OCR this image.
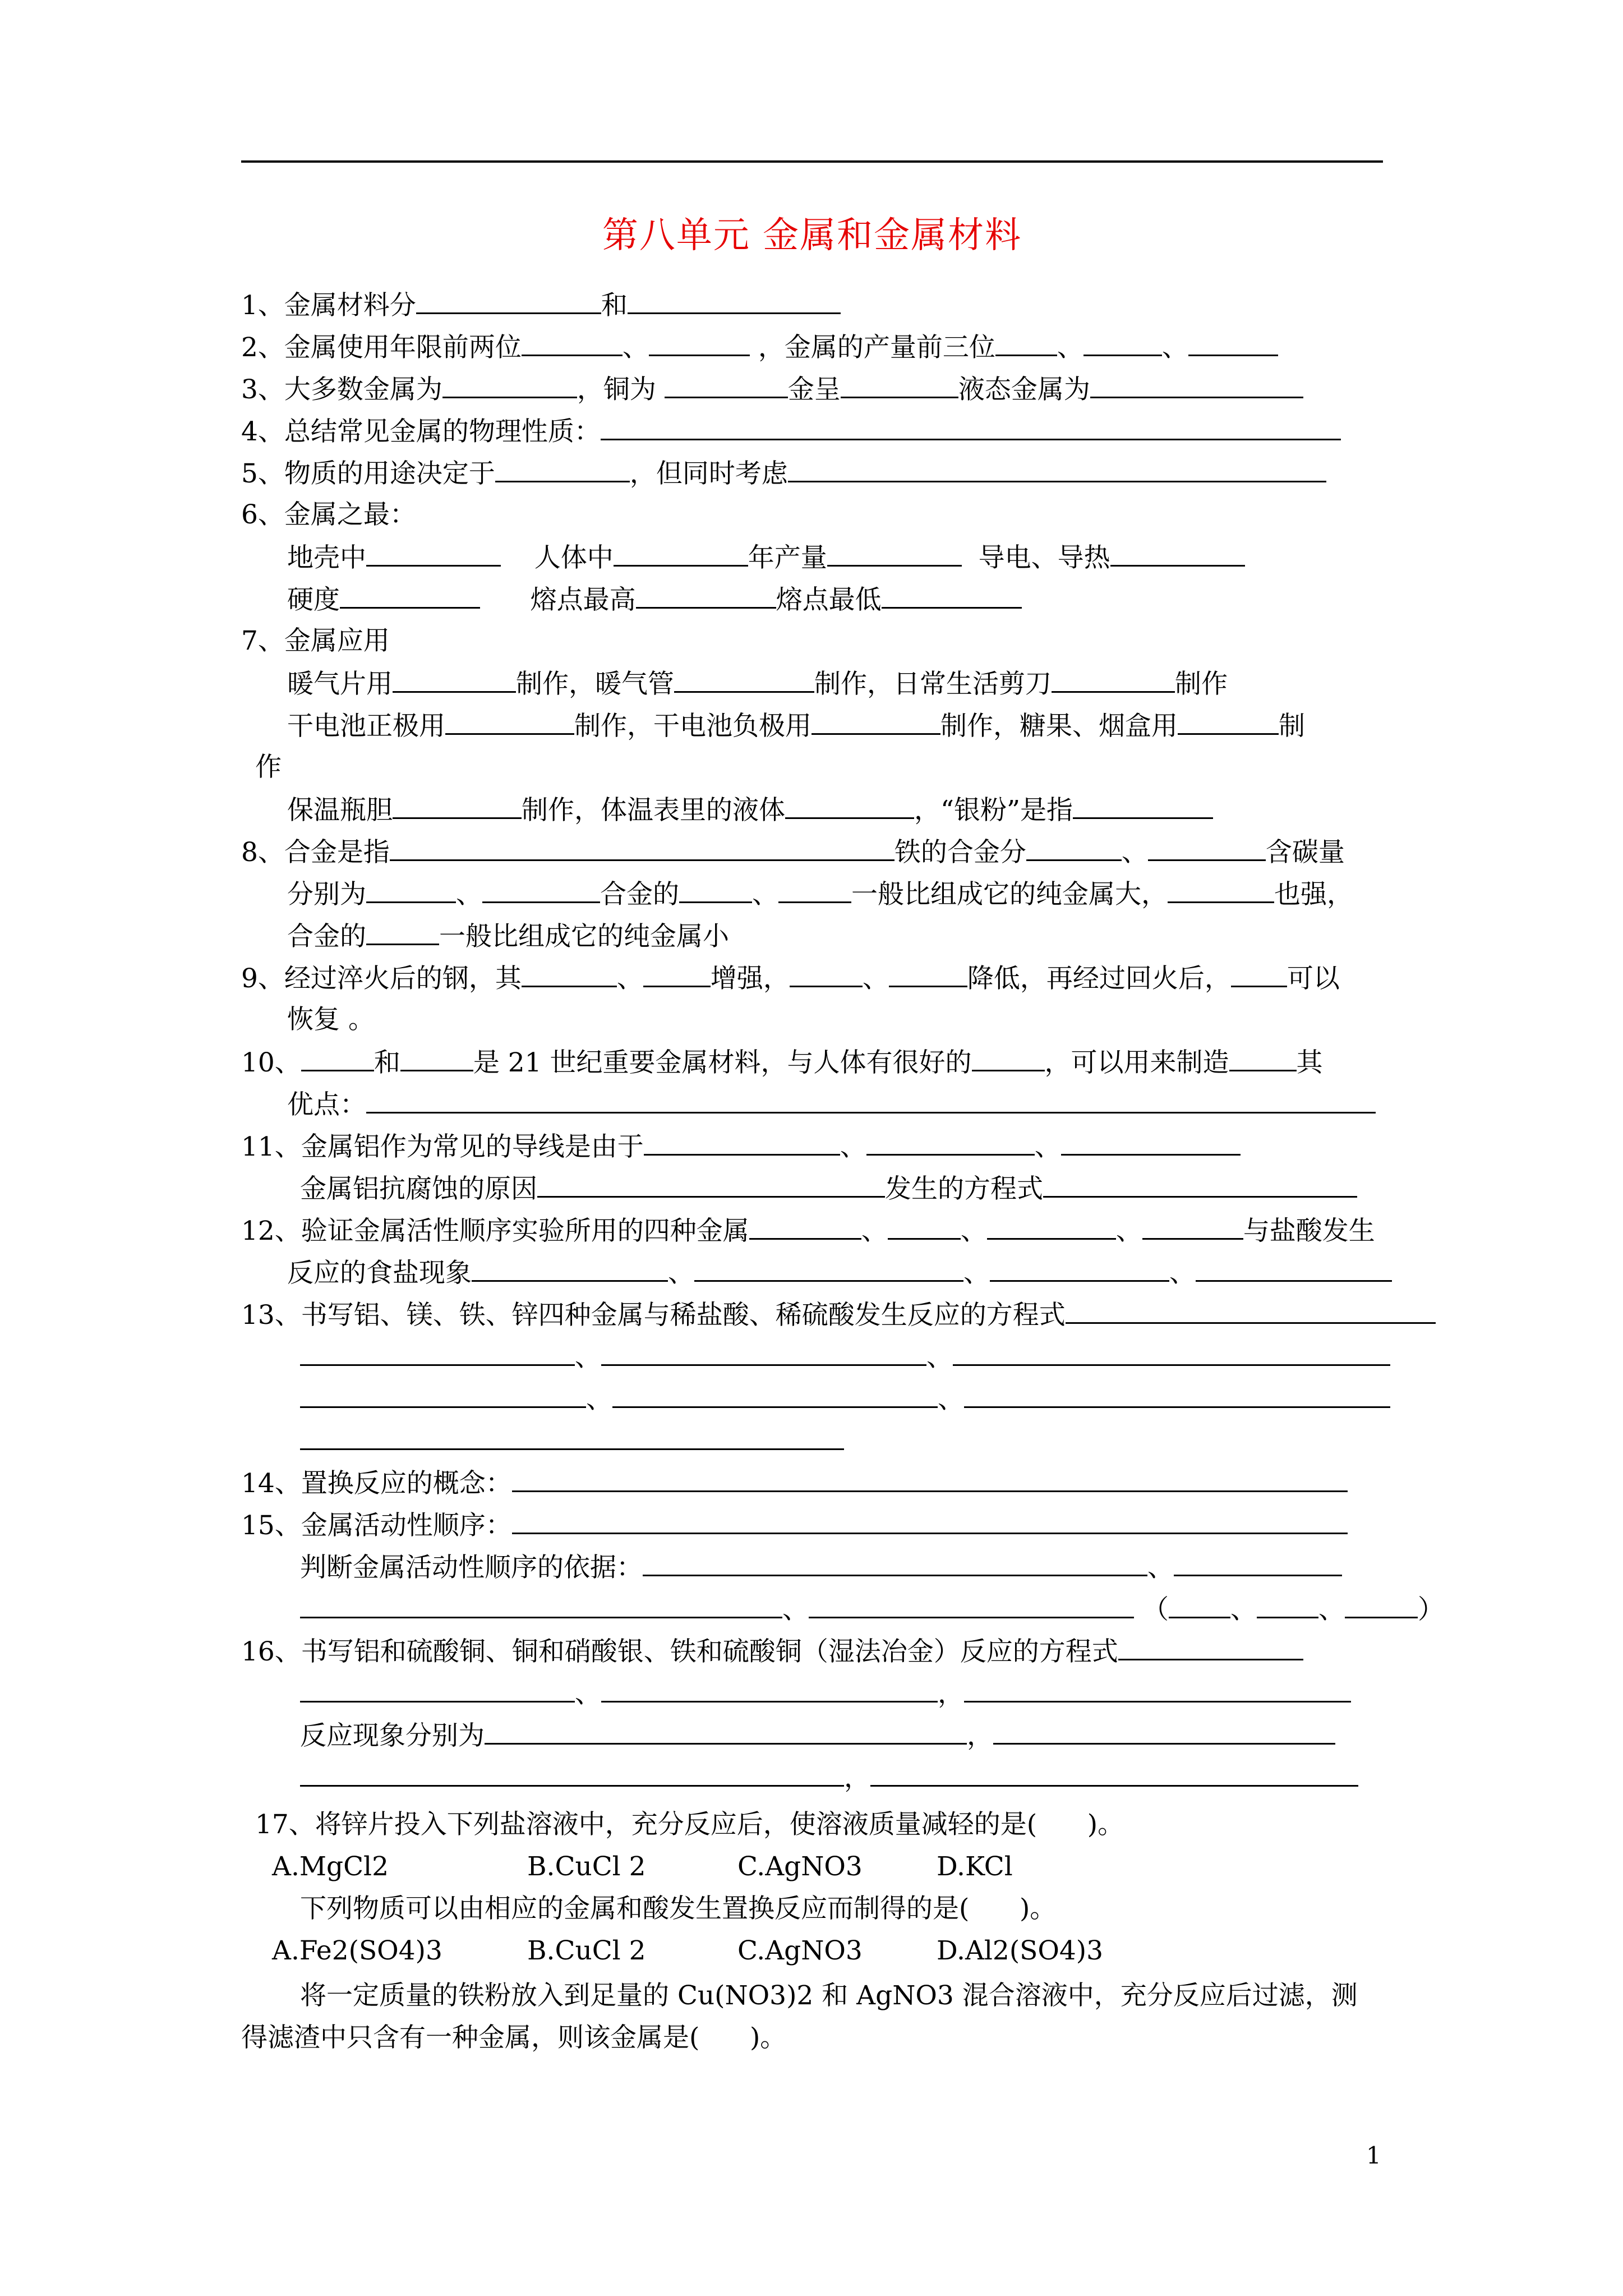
第八单元 金属和金属材料
1、金属材料分	和
2、金属使用年限前两位	、	，金属的产量前三位 、	、
3、大多数金属为	，铜为	金呈	液态金属为
4、总结常见金属的物理性质：
5、物质的用途决定于	，但同时考虑
6、金属之最：
地壳中	人体中	年产量	导电、导热
硬度	熔点最高	熔点最低
7、金属应用
暖气片用	制作，暖气管	制作，日常生活剪刀	制作
干电池正极用	制作，干电池负极用	制作，糖果、烟盒用	制
作
保温瓶胆	制作，体温表里的液体	，“银粉”是指
8、合金是指	铁的合金分	、	含碳量
分别为	、	合金的	、	一般比组成它的纯金属大，	也强，
合金的	一般比组成它的纯金属小
9、经过淬火后的钢，其	、	增强，	、	降低，再经过回火后， 可以
恢复 。
10、	和	是 21 世纪重要金属材料，与人体有很好的	，可以用来制造	其
优点：
11、金属铝作为常见的导线是由于	、	、
金属铝抗腐蚀的原因	发生的方程式
12、验证金属活性顺序实验所用的四种金属	、	、	、	与盐酸发生
反应的食盐现象	、	、	、
13、书写铝、镁、铁、锌四种金属与稀盐酸、稀硫酸发生反应的方程式
、	、
、	、
14、置换反应的概念：
15、金属活动性顺序：
判断金属活动性顺序的依据：	、
、	（ 、 、	）
16、书写铝和硫酸铜、铜和硝酸银、铁和硫酸铜（湿法冶金）反应的方程式
、	，
反应现象分别为	，
，
17、将锌片投入下列盐溶液中，充分反应后，使溶液质量减轻的是(      )。
A.MgCl2	B.CuCl 2	C.AgNO3	D.KCl
下列物质可以由相应的金属和酸发生置换反应而制得的是(      )。
A.Fe2(SO4)3	B.CuCl 2	C.AgNO3	D.Al2(SO4)3
将一定质量的铁粉放入到足量的 Cu(NO3)2 和 AgNO3 混合溶液中，充分反应后过滤，测
得滤渣中只含有一种金属，则该金属是(      )。
1
